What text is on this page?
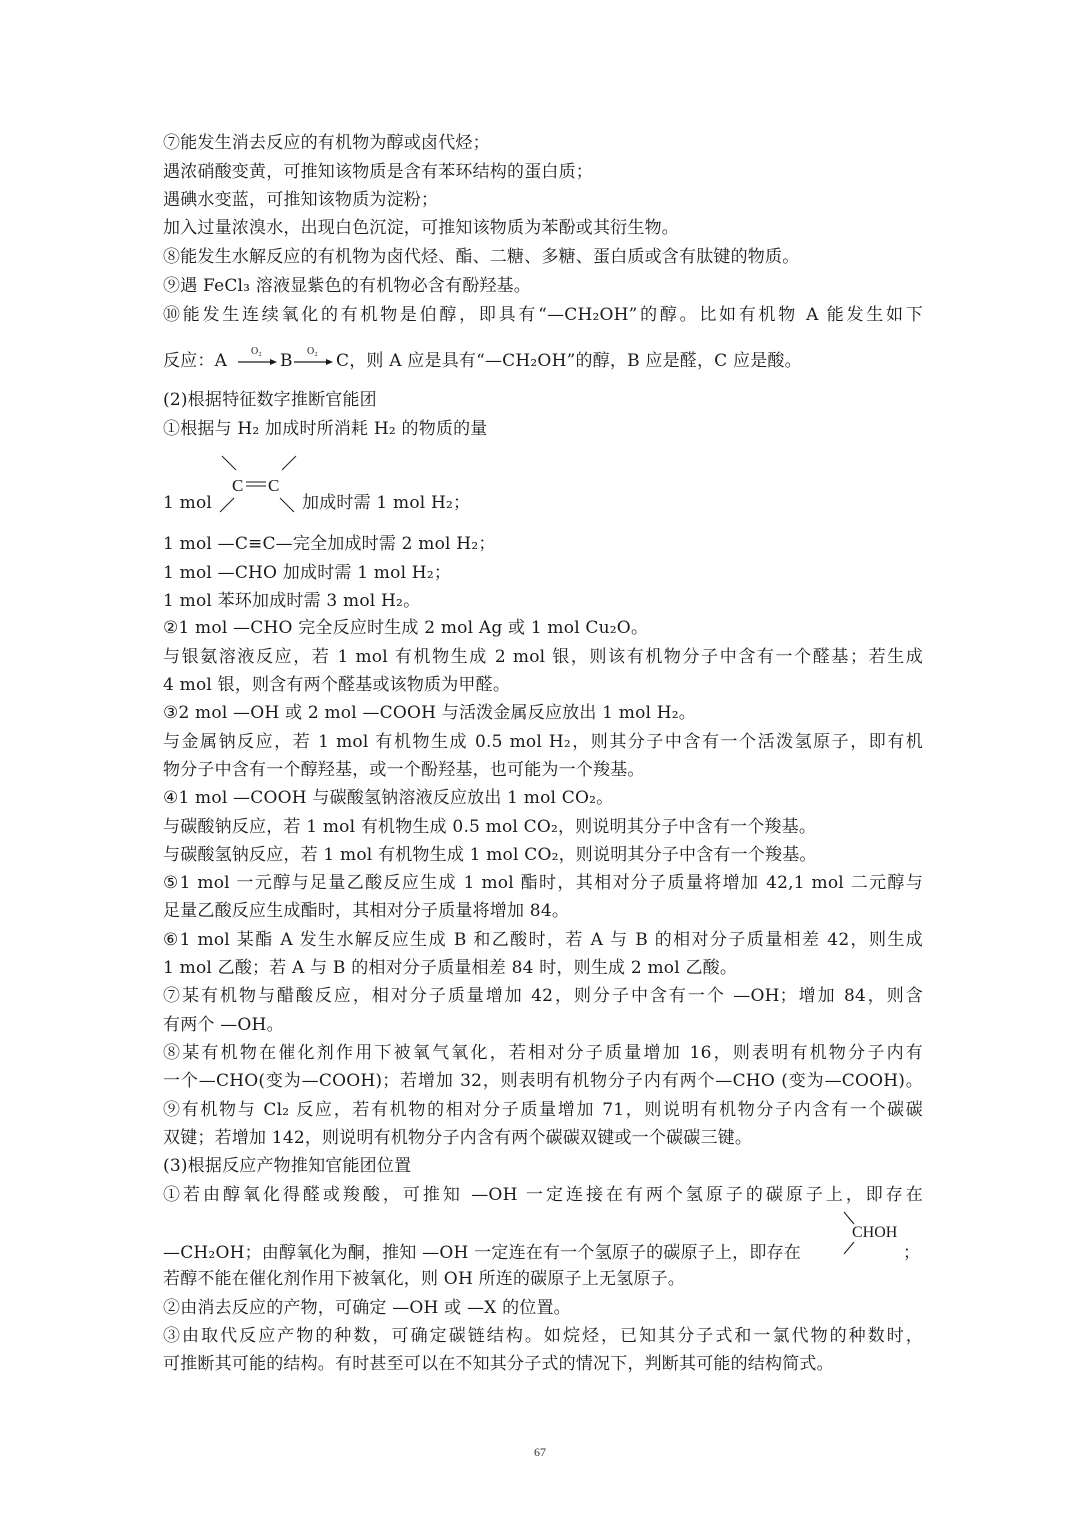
⑦能发生消去反应的有机物为醇或卤代烃；
遇浓硝酸变黄，可推知该物质是含有苯环结构的蛋白质；
遇碘水变蓝，可推知该物质为淀粉；
加入过量浓溴水，出现白色沉淀，可推知该物质为苯酚或其衍生物。
⑧能发生水解反应的有机物为卤代烃、酯、二糖、多糖、蛋白质或含有肽键的物质。
⑨遇 FeCl₃ 溶液显紫色的有机物必含有酚羟基。
⑩能发生连续氧化的有机物是伯醇，即具有“—CH₂OH”的醇。比如有机物 A 能发生如下
反应：A O₂ B O₂ C，则 A 应是具有“—CH₂OH”的醇，B 应是醛，C 应是酸。
(2)根据特征数字推断官能团
①根据与 H₂ 加成时所消耗 H₂ 的物质的量
C C
1 mol	加成时需 1 mol H₂；
1 mol —C≡C—完全加成时需 2 mol H₂；
1 mol —CHO 加成时需 1 mol H₂；
1 mol 苯环加成时需 3 mol H₂。
②1 mol —CHO 完全反应时生成 2 mol Ag 或 1 mol Cu₂O。
与银氨溶液反应，若 1 mol 有机物生成 2 mol 银，则该有机物分子中含有一个醛基；若生成
4 mol 银，则含有两个醛基或该物质为甲醛。
③2 mol —OH 或 2 mol —COOH 与活泼金属反应放出 1 mol H₂。
与金属钠反应，若 1 mol 有机物生成 0.5 mol H₂，则其分子中含有一个活泼氢原子，即有机
物分子中含有一个醇羟基，或一个酚羟基，也可能为一个羧基。
④1 mol —COOH 与碳酸氢钠溶液反应放出 1 mol CO₂。
与碳酸钠反应，若 1 mol 有机物生成 0.5 mol CO₂，则说明其分子中含有一个羧基。
与碳酸氢钠反应，若 1 mol 有机物生成 1 mol CO₂，则说明其分子中含有一个羧基。
⑤1 mol 一元醇与足量乙酸反应生成 1 mol 酯时，其相对分子质量将增加 42,1 mol 二元醇与
足量乙酸反应生成酯时，其相对分子质量将增加 84。
⑥1 mol 某酯 A 发生水解反应生成 B 和乙酸时，若 A 与 B 的相对分子质量相差 42，则生成
1 mol 乙酸；若 A 与 B 的相对分子质量相差 84 时，则生成 2 mol 乙酸。
⑦某有机物与醋酸反应，相对分子质量增加 42，则分子中含有一个 —OH；增加 84，则含
有两个 —OH。
⑧某有机物在催化剂作用下被氧气氧化，若相对分子质量增加 16，则表明有机物分子内有
一个—CHO(变为—COOH)；若增加 32，则表明有机物分子内有两个—CHO (变为—COOH)。
⑨有机物与 Cl₂ 反应，若有机物的相对分子质量增加 71，则说明有机物分子内含有一个碳碳
双键；若增加 142，则说明有机物分子内含有两个碳碳双键或一个碳碳三键。
(3)根据反应产物推知官能团位置
①若由醇氧化得醛或羧酸，可推知 —OH 一定连接在有两个氢原子的碳原子上，即存在
—CH₂OH；由醇氧化为酮，推知 —OH 一定连在有一个氢原子的碳原子上，即存在
CHOH
；
若醇不能在催化剂作用下被氧化，则 OH 所连的碳原子上无氢原子。
②由消去反应的产物，可确定 —OH 或 —X 的位置。
③由取代反应产物的种数，可确定碳链结构。如烷烃，已知其分子式和一氯代物的种数时，
可推断其可能的结构。有时甚至可以在不知其分子式的情况下，判断其可能的结构简式。
67
